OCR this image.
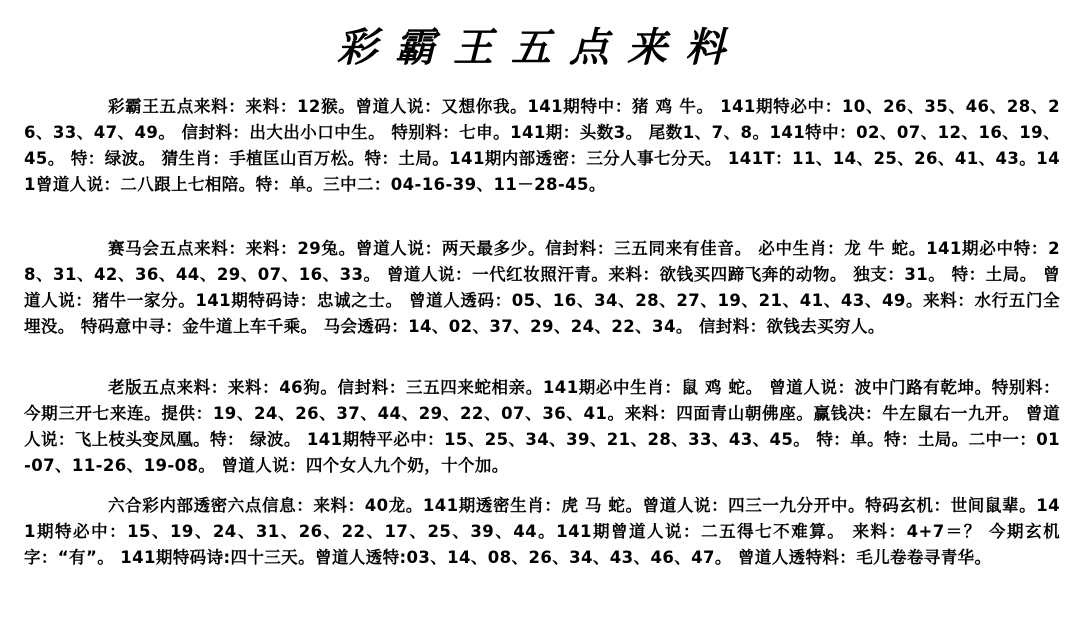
彩霸王五点来料
彩霸王五点来料：来料：12猴。曾道人说：又想你我。141期特中：猪 鸡 牛。 141期特必中：10、26、35、46、28、26、33、47、49。 信封料：出大出小口中生。 特别料：七申。141期：头数3。 尾数1、7、8。141特中：02、07、12、16、19、45。 特：绿波。 猜生肖：手植匡山百万松。特：土局。141期内部透密：三分人事七分天。 141T：11、14、25、26、41、43。141曾道人说：二八跟上七相陪。特：单。三中二：04-16-39、11－28-45。
赛马会五点来料：来料：29兔。曾道人说：两天最多少。信封料：三五同来有佳音。 必中生肖：龙 牛 蛇。141期必中特：28、31、42、36、44、29、07、16、33。 曾道人说：一代红妆照汗青。来料：欲钱买四蹄飞奔的动物。 独支：31。 特：土局。 曾道人说：猪牛一家分。141期特码诗：忠诚之士。 曾道人透码：05、16、34、28、27、19、21、41、43、49。来料：水行五门全埋没。 特码意中寻：金牛道上车千乘。 马会透码：14、02、37、29、24、22、34。 信封料：欲钱去买穷人。
老版五点来料：来料：46狗。信封料：三五四来蛇相亲。141期必中生肖：鼠 鸡 蛇。 曾道人说：波中门路有乾坤。特别料：今期三开七来连。提供：19、24、26、37、44、29、22、07、36、41。来料：四面青山朝佛座。赢钱决：牛左鼠右一九开。 曾道人说：飞上枝头变凤凰。特： 绿波。 141期特平必中：15、25、34、39、21、28、33、43、45。 特：单。特：土局。二中一：01-07、11-26、19-08。 曾道人说：四个女人九个奶，十个加。
六合彩内部透密六点信息：来料：40龙。141期透密生肖：虎 马 蛇。曾道人说：四三一九分开中。特码玄机：世间鼠辈。141期特必中：15、19、24、31、26、22、17、25、39、44。141期曾道人说：二五得七不难算。 来料：4+7＝？ 今期玄机字：“有”。 141期特码诗:四十三天。曾道人透特:03、14、08、26、34、43、46、47。 曾道人透特料：毛儿卷卷寻青华。
